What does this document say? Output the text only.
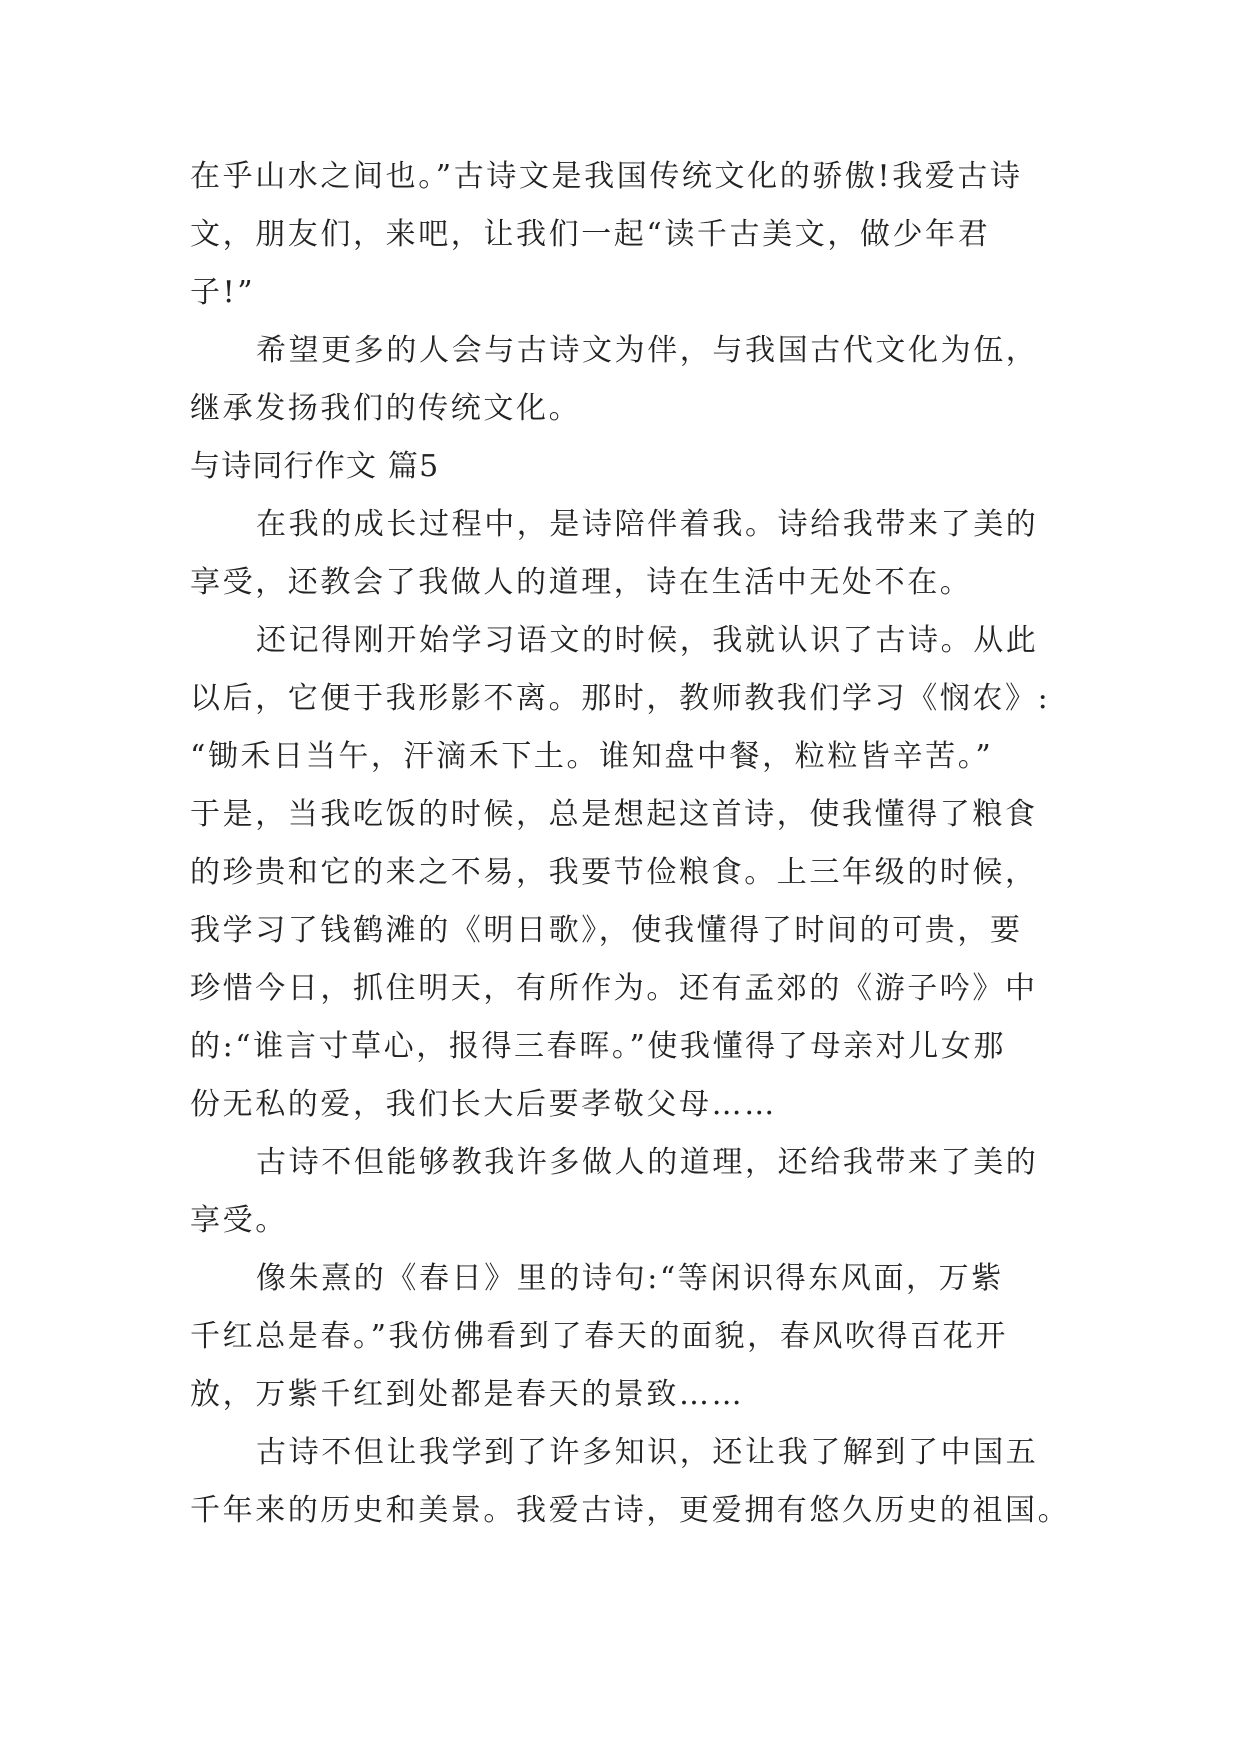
在乎山水之间也。”古诗文是我国传统文化的骄傲!我爱古诗
文，朋友们，来吧，让我们一起“读千古美文，做少年君
子!”
希望更多的人会与古诗文为伴，与我国古代文化为伍，
继承发扬我们的传统文化。
与诗同行作文 篇5
在我的成长过程中，是诗陪伴着我。诗给我带来了美的
享受，还教会了我做人的道理，诗在生活中无处不在。
还记得刚开始学习语文的时候，我就认识了古诗。从此
以后，它便于我形影不离。那时，教师教我们学习《悯农》:
“锄禾日当午，汗滴禾下土。谁知盘中餐，粒粒皆辛苦。”
于是，当我吃饭的时候，总是想起这首诗，使我懂得了粮食
的珍贵和它的来之不易，我要节俭粮食。上三年级的时候，
我学习了钱鹤滩的《明日歌》，使我懂得了时间的可贵，要
珍惜今日，抓住明天，有所作为。还有孟郊的《游子吟》中
的:“谁言寸草心，报得三春晖。”使我懂得了母亲对儿女那
份无私的爱，我们长大后要孝敬父母……
古诗不但能够教我许多做人的道理，还给我带来了美的
享受。
像朱熹的《春日》里的诗句:“等闲识得东风面，万紫
千红总是春。”我仿佛看到了春天的面貌，春风吹得百花开
放，万紫千红到处都是春天的景致……
古诗不但让我学到了许多知识，还让我了解到了中国五
千年来的历史和美景。我爱古诗，更爱拥有悠久历史的祖国。
